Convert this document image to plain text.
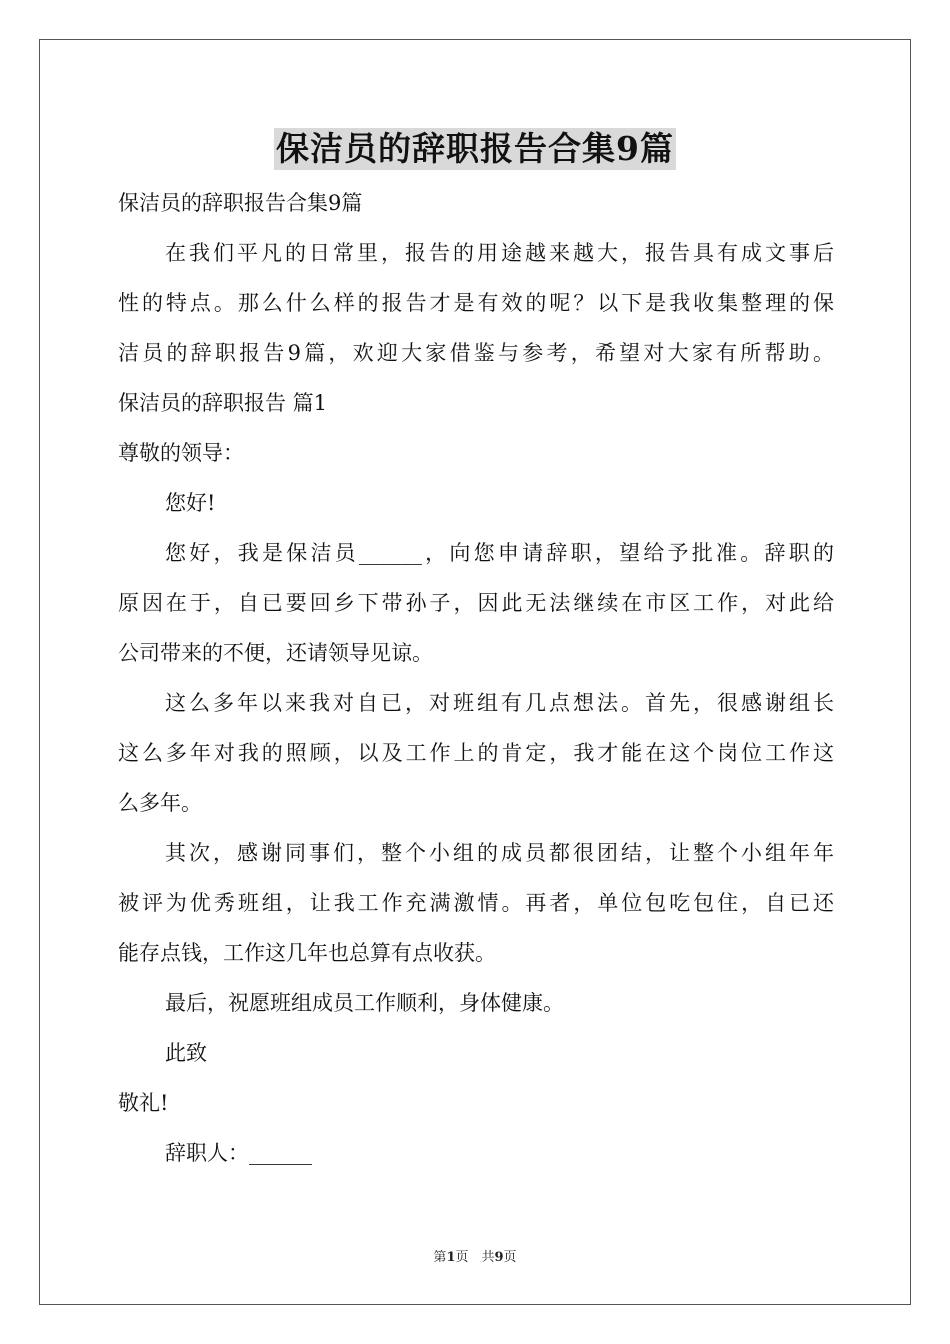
保洁员的辞职报告合集9篇
保洁员的辞职报告合集9篇
在我们平凡的日常里，报告的用途越来越大，报告具有成文事后
性的特点。那么什么样的报告才是有效的呢？以下是我收集整理的保
洁员的辞职报告9篇，欢迎大家借鉴与参考，希望对大家有所帮助。
保洁员的辞职报告 篇1
尊敬的领导：
您好!
您好，我是保洁员______，向您申请辞职，望给予批准。辞职的
原因在于，自已要回乡下带孙子，因此无法继续在市区工作，对此给
公司带来的不便，还请领导见谅。
这么多年以来我对自已，对班组有几点想法。首先，很感谢组长
这么多年对我的照顾，以及工作上的肯定，我才能在这个岗位工作这
么多年。
其次，感谢同事们，整个小组的成员都很团结，让整个小组年年
被评为优秀班组，让我工作充满激情。再者，单位包吃包住，自已还
能存点钱，工作这几年也总算有点收获。
最后，祝愿班组成员工作顺利，身体健康。
此致
敬礼!
辞职人：______
第1页　共9页
